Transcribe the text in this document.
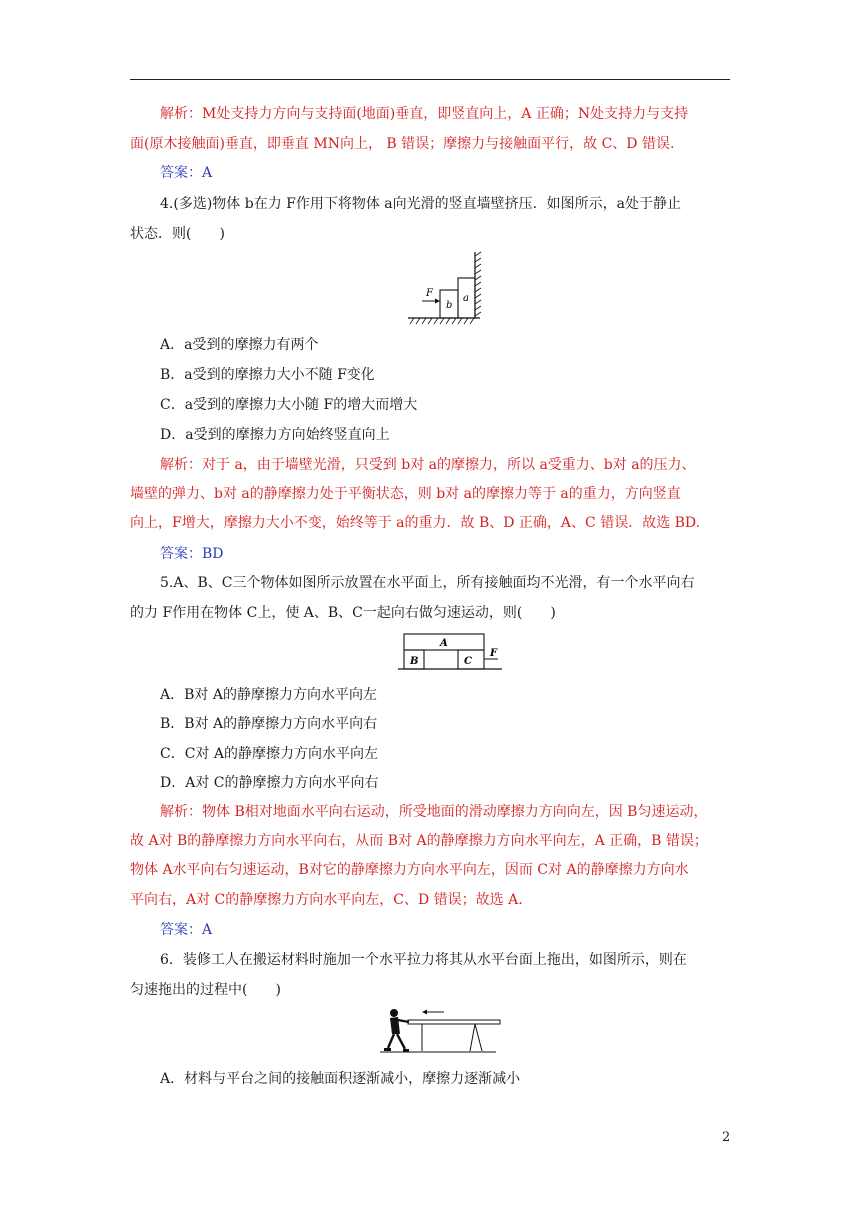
解析：M处支持力方向与支持面(地面)垂直，即竖直向上，A 正确；N处支持力与支持
面(原木接触面)垂直，即垂直 MN向上， B 错误；摩擦力与接触面平行，故 C、D 错误.
答案：A
4.(多选)物体 b在力 F作用下将物体 a向光滑的竖直墙壁挤压．如图所示，a处于静止
状态．则(　　)
F
b
a
A．a受到的摩擦力有两个
B．a受到的摩擦力大小不随 F变化
C．a受到的摩擦力大小随 F的增大而增大
D．a受到的摩擦力方向始终竖直向上
解析：对于 a，由于墙壁光滑，只受到 b对 a的摩擦力，所以 a受重力、b对 a的压力、
墙壁的弹力、b对 a的静摩擦力处于平衡状态，则 b对 a的摩擦力等于 a的重力，方向竖直
向上，F增大，摩擦力大小不变，始终等于 a的重力．故 B、D 正确，A、C 错误．故选 BD.
答案：BD
5.A、B、C三个物体如图所示放置在水平面上，所有接触面均不光滑，有一个水平向右
的力 F作用在物体 C上，使 A、B、C一起向右做匀速运动，则(　　)
A
B	C
F
A．B对 A的静摩擦力方向水平向左
B．B对 A的静摩擦力方向水平向右
C．C对 A的静摩擦力方向水平向左
D．A对 C的静摩擦力方向水平向右
解析：物体 B相对地面水平向右运动，所受地面的滑动摩擦力方向向左，因 B匀速运动，
故 A对 B的静摩擦力方向水平向右，从而 B对 A的静摩擦力方向水平向左，A 正确，B 错误；
物体 A水平向右匀速运动，B对它的静摩擦力方向水平向左，因而 C对 A的静摩擦力方向水
平向右，A对 C的静摩擦力方向水平向左，C、D 错误；故选 A.
答案：A
6．装修工人在搬运材料时施加一个水平拉力将其从水平台面上拖出，如图所示，则在
匀速拖出的过程中(　　)
A．材料与平台之间的接触面积逐渐减小，摩擦力逐渐减小
2
